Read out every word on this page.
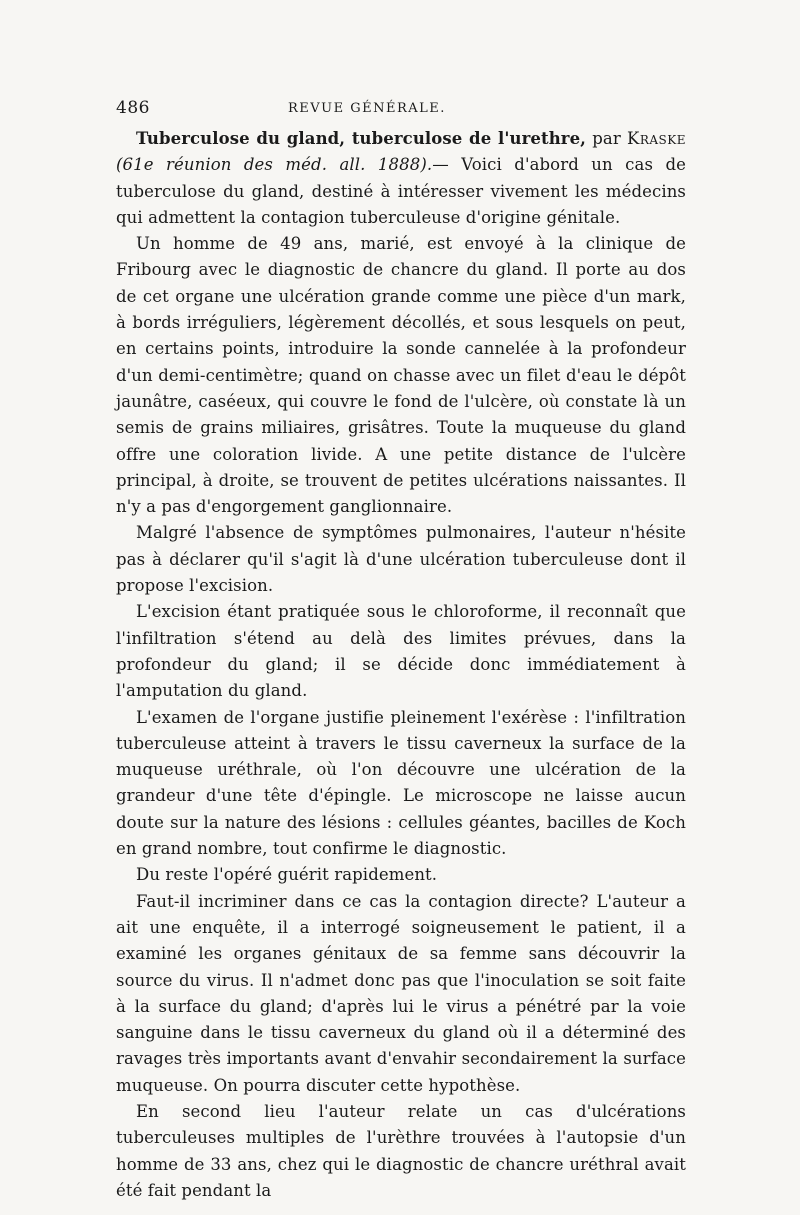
486	REVUE GÉNÉRALE.

Tuberculose du gland, tuberculose de l'urethre, par Kraske (61e réunion des méd. all. 1888).— Voici d'abord un cas de tuberculose du gland, destiné à intéresser vivement les médecins qui admettent la contagion tuberculeuse d'origine génitale.

Un homme de 49 ans, marié, est envoyé à la clinique de Fribourg avec le diagnostic de chancre du gland. Il porte au dos de cet organe une ulcération grande comme une pièce d'un mark, à bords irréguliers, légèrement décollés, et sous lesquels on peut, en certains points, introduire la sonde cannelée à la profondeur d'un demi-centimètre; quand on chasse avec un filet d'eau le dépôt jaunâtre, caséeux, qui couvre le fond de l'ulcère, où constate là un semis de grains miliaires, grisâtres. Toute la muqueuse du gland offre une coloration livide. A une petite distance de l'ulcère principal, à droite, se trouvent de petites ulcérations naissantes. Il n'y a pas d'engorgement ganglionnaire.

Malgré l'absence de symptômes pulmonaires, l'auteur n'hésite pas à déclarer qu'il s'agit là d'une ulcération tuberculeuse dont il propose l'excision.

L'excision étant pratiquée sous le chloroforme, il reconnaît que l'infiltration s'étend au delà des limites prévues, dans la profondeur du gland; il se décide donc immédiatement à l'amputation du gland.

L'examen de l'organe justifie pleinement l'exérèse : l'infiltration tuberculeuse atteint à travers le tissu caverneux la surface de la muqueuse uréthrale, où l'on découvre une ulcération de la grandeur d'une tête d'épingle. Le microscope ne laisse aucun doute sur la nature des lésions : cellules géantes, bacilles de Koch en grand nombre, tout confirme le diagnostic.

Du reste l'opéré guérit rapidement.

Faut-il incriminer dans ce cas la contagion directe? L'auteur a ait une enquête, il a interrogé soigneusement le patient, il a examiné les organes génitaux de sa femme sans découvrir la source du virus. Il n'admet donc pas que l'inoculation se soit faite à la surface du gland; d'après lui le virus a pénétré par la voie sanguine dans le tissu caverneux du gland où il a déterminé des ravages très importants avant d'envahir secondairement la surface muqueuse. On pourra discuter cette hypothèse.

En second lieu l'auteur relate un cas d'ulcérations tuberculeuses multiples de l'urèthre trouvées à l'autopsie d'un homme de 33 ans, chez qui le diagnostic de chancre uréthral avait été fait pendant la
